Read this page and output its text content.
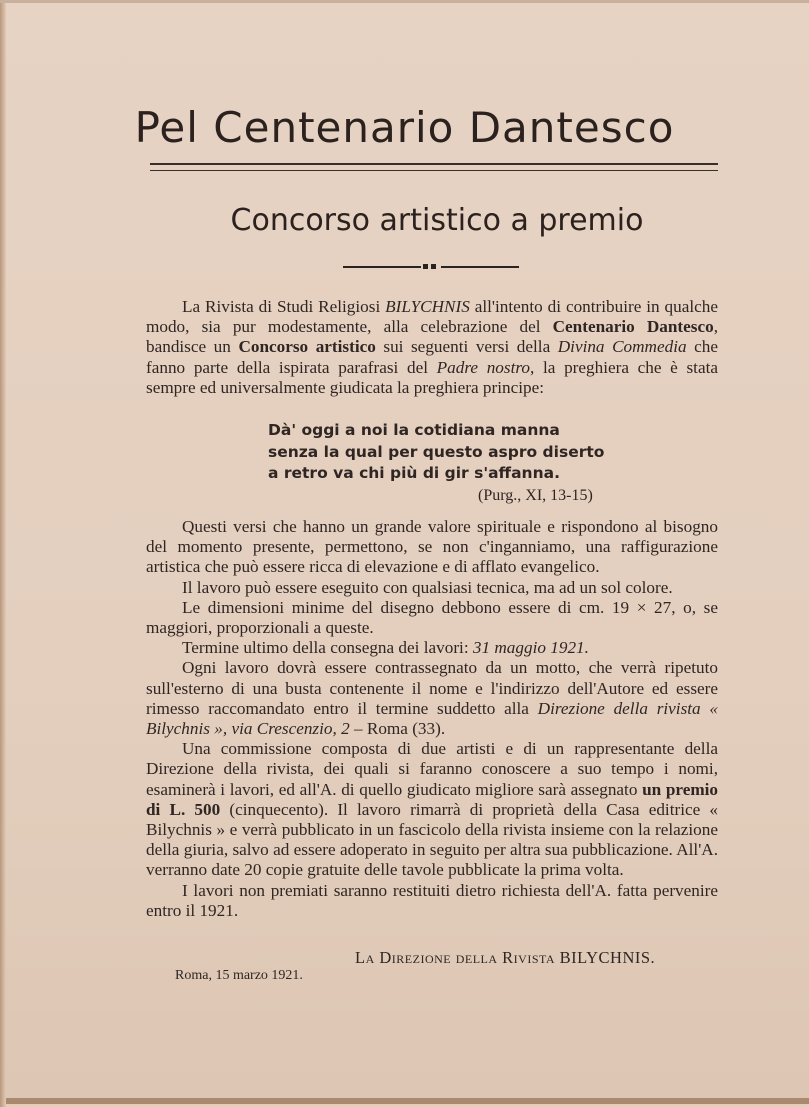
Pel Centenario Dantesco
Concorso artistico a premio

La Rivista di Studi Religiosi BILYCHNIS all'intento di contribuire in qualche modo, sia pur modestamente, alla celebrazione del Centenario Dantesco, bandisce un Concorso artistico sui seguenti versi della Divina Commedia che fanno parte della ispirata parafrasi del Padre nostro, la preghiera che è stata sempre ed universalmente giudicata la preghiera principe:

Dà' oggi a noi la cotidiana manna
senza la qual per questo aspro diserto
a retro va chi più di gir s'affanna.
(Purg., XI, 13-15)

Questi versi che hanno un grande valore spirituale e rispondono al bisogno del momento presente, permettono, se non c'inganniamo, una raffigurazione artistica che può essere ricca di elevazione e di afflato evangelico.

Il lavoro può essere eseguito con qualsiasi tecnica, ma ad un sol colore.

Le dimensioni minime del disegno debbono essere di cm. 19 × 27, o, se maggiori, proporzionali a queste.

Termine ultimo della consegna dei lavori: 31 maggio 1921.

Ogni lavoro dovrà essere contrassegnato da un motto, che verrà ripetuto sull'esterno di una busta contenente il nome e l'indirizzo dell'Autore ed essere rimesso raccomandato entro il termine suddetto alla Direzione della rivista « Bilychnis », via Crescenzio, 2 – Roma (33).

Una commissione composta di due artisti e di un rappresentante della Direzione della rivista, dei quali si faranno conoscere a suo tempo i nomi, esaminerà i lavori, ed all'A. di quello giudicato migliore sarà assegnato un premio di L. 500 (cinquecento). Il lavoro rimarrà di proprietà della Casa editrice « Bilychnis » e verrà pubblicato in un fascicolo della rivista insieme con la relazione della giuria, salvo ad essere adoperato in seguito per altra sua pubblicazione. All'A. verranno date 20 copie gratuite delle tavole pubblicate la prima volta.

I lavori non premiati saranno restituiti dietro richiesta dell'A. fatta pervenire entro il 1921.

La Direzione della Rivista BILYCHNIS.
Roma, 15 marzo 1921.
